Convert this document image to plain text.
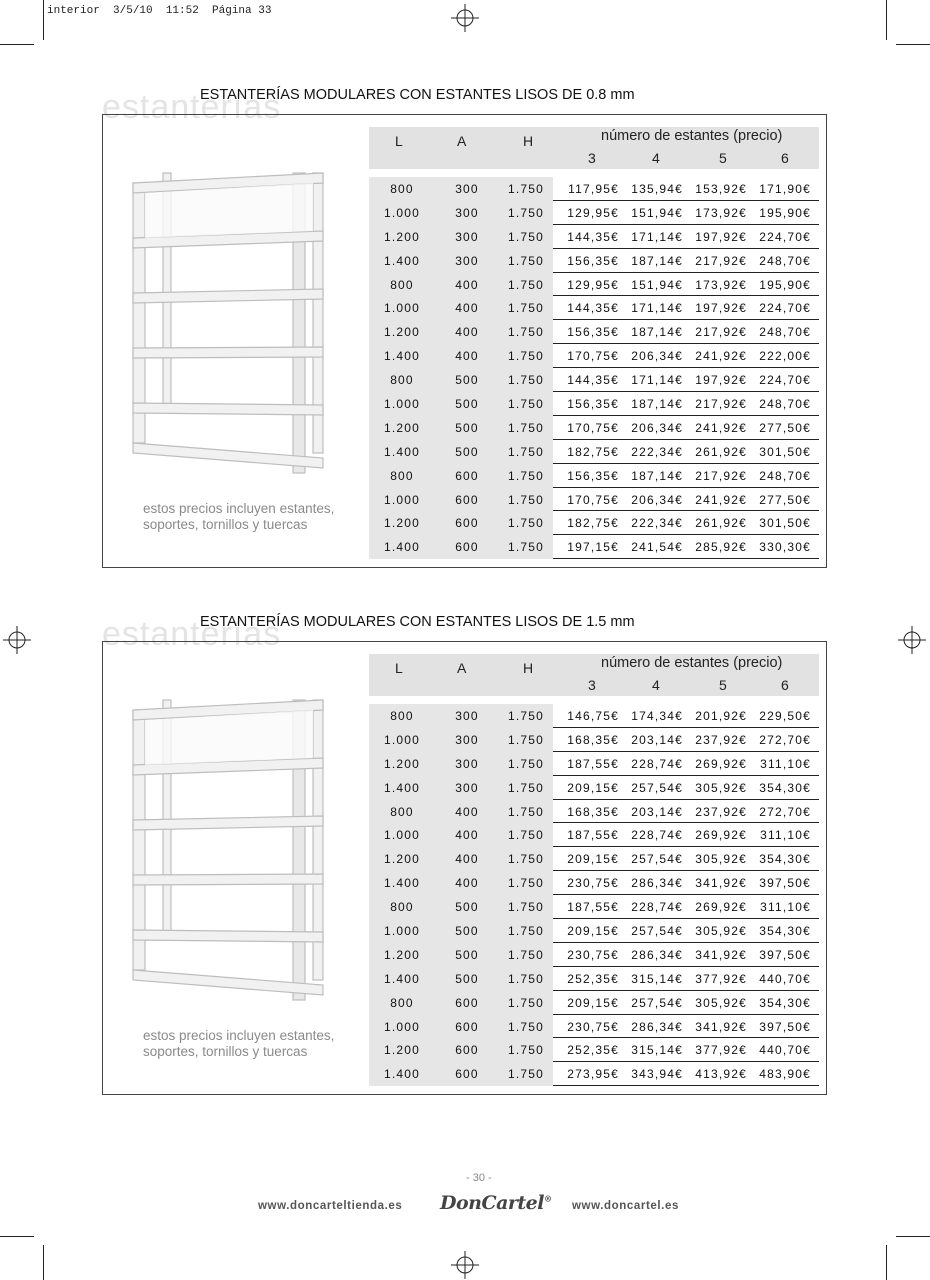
interior  3/5/10  11:52  Página 33
estanterías
ESTANTERÍAS MODULARES CON ESTANTES LISOS DE 0.8 mm
estos precios incluyen estantes, soportes, tornillos y tuercas
L	A	H	número de estantes (precio)
3	4	5	6
800	300	1.750	117,95€	135,94€	153,92€	171,90€
1.000	300	1.750	129,95€	151,94€	173,92€	195,90€
1.200	300	1.750	144,35€	171,14€	197,92€	224,70€
1.400	300	1.750	156,35€	187,14€	217,92€	248,70€
800	400	1.750	129,95€	151,94€	173,92€	195,90€
1.000	400	1.750	144,35€	171,14€	197,92€	224,70€
1.200	400	1.750	156,35€	187,14€	217,92€	248,70€
1.400	400	1.750	170,75€	206,34€	241,92€	222,00€
800	500	1.750	144,35€	171,14€	197,92€	224,70€
1.000	500	1.750	156,35€	187,14€	217,92€	248,70€
1.200	500	1.750	170,75€	206,34€	241,92€	277,50€
1.400	500	1.750	182,75€	222,34€	261,92€	301,50€
800	600	1.750	156,35€	187,14€	217,92€	248,70€
1.000	600	1.750	170,75€	206,34€	241,92€	277,50€
1.200	600	1.750	182,75€	222,34€	261,92€	301,50€
1.400	600	1.750	197,15€	241,54€	285,92€	330,30€
estanterías
ESTANTERÍAS MODULARES CON ESTANTES LISOS DE 1.5 mm
estos precios incluyen estantes, soportes, tornillos y tuercas
L	A	H	número de estantes (precio)
3	4	5	6
800	300	1.750	146,75€	174,34€	201,92€	229,50€
1.000	300	1.750	168,35€	203,14€	237,92€	272,70€
1.200	300	1.750	187,55€	228,74€	269,92€	311,10€
1.400	300	1.750	209,15€	257,54€	305,92€	354,30€
800	400	1.750	168,35€	203,14€	237,92€	272,70€
1.000	400	1.750	187,55€	228,74€	269,92€	311,10€
1.200	400	1.750	209,15€	257,54€	305,92€	354,30€
1.400	400	1.750	230,75€	286,34€	341,92€	397,50€
800	500	1.750	187,55€	228,74€	269,92€	311,10€
1.000	500	1.750	209,15€	257,54€	305,92€	354,30€
1.200	500	1.750	230,75€	286,34€	341,92€	397,50€
1.400	500	1.750	252,35€	315,14€	377,92€	440,70€
800	600	1.750	209,15€	257,54€	305,92€	354,30€
1.000	600	1.750	230,75€	286,34€	341,92€	397,50€
1.200	600	1.750	252,35€	315,14€	377,92€	440,70€
1.400	600	1.750	273,95€	343,94€	413,92€	483,90€
- 30 -
www.doncarteltienda.es DonCartel®
www.doncartel.es
